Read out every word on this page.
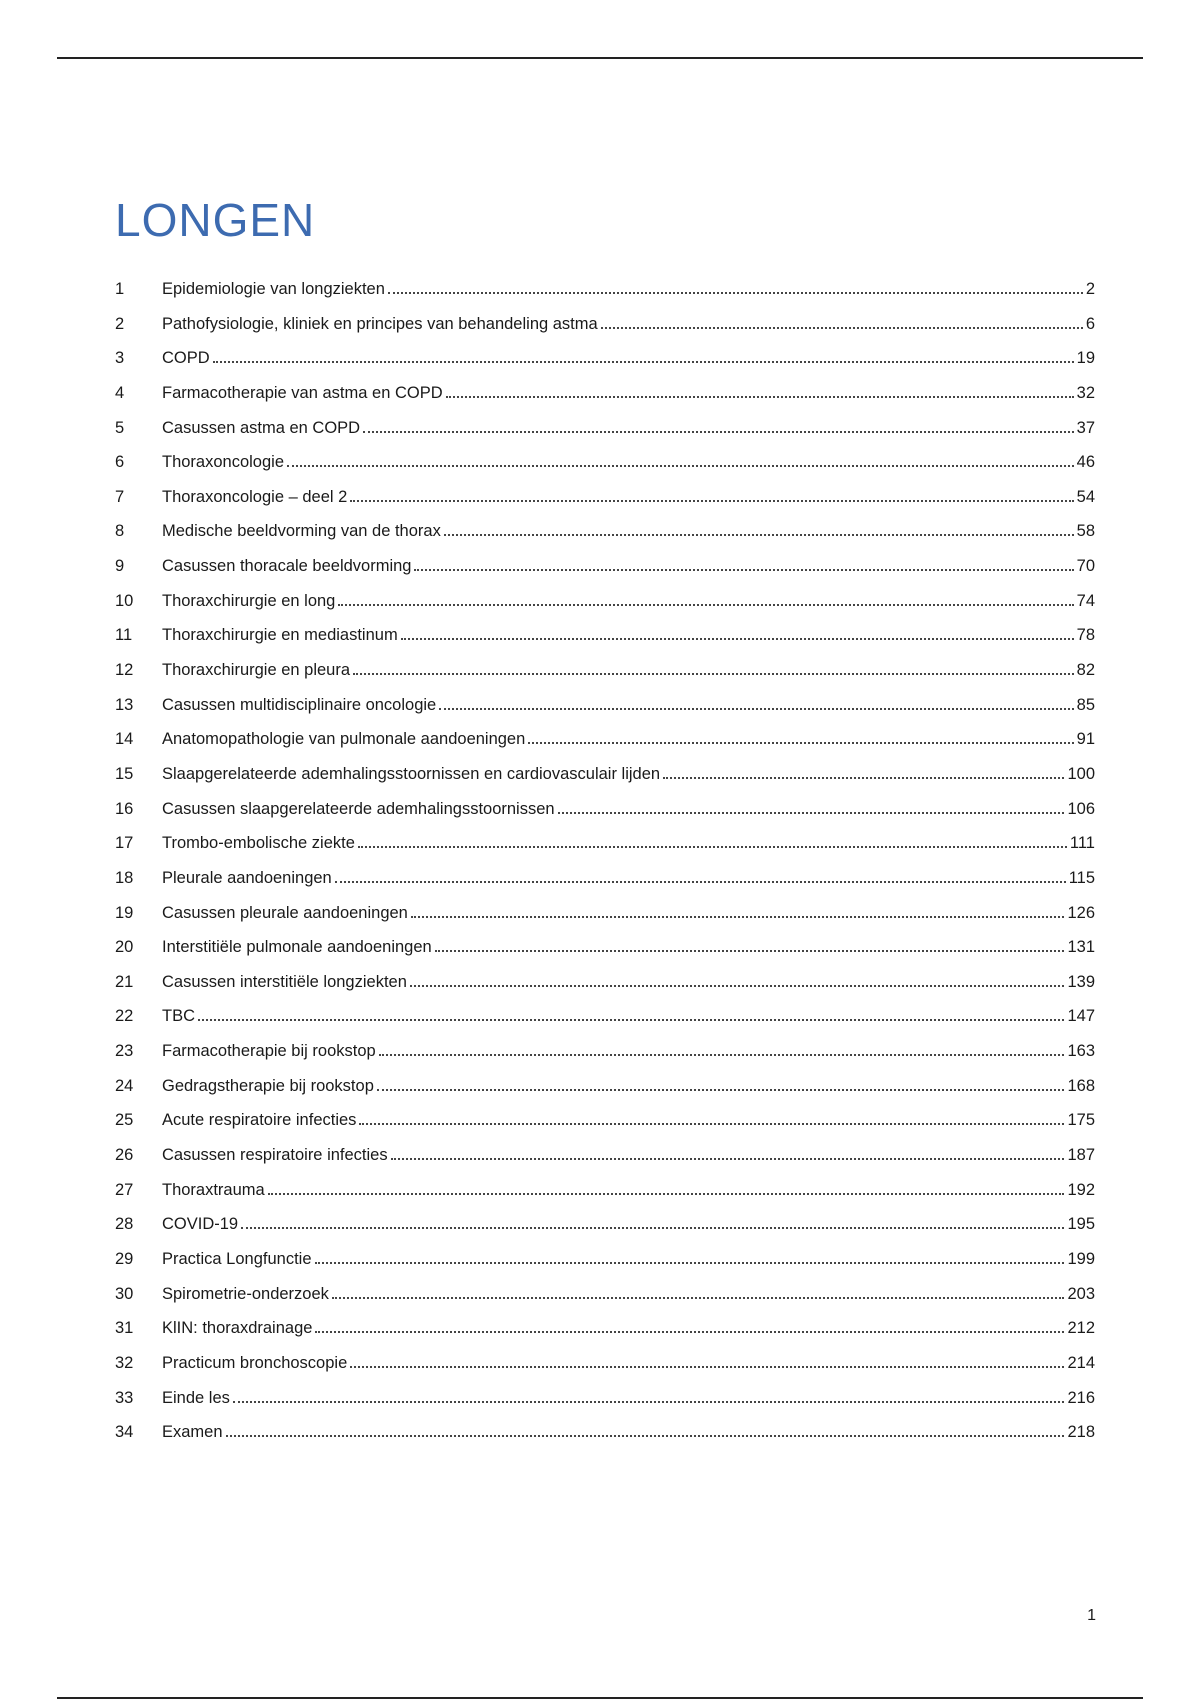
LONGEN
1	Epidemiologie van longziekten	2
2	Pathofysiologie, kliniek en principes van behandeling astma	6
3	COPD	19
4	Farmacotherapie van astma en COPD	32
5	Casussen astma en COPD	37
6	Thoraxoncologie	46
7	Thoraxoncologie – deel 2	54
8	Medische beeldvorming van de thorax	58
9	Casussen thoracale beeldvorming	70
10	Thoraxchirurgie en long	74
11	Thoraxchirurgie en mediastinum	78
12	Thoraxchirurgie en pleura	82
13	Casussen multidisciplinaire oncologie	85
14	Anatomopathologie van pulmonale aandoeningen	91
15	Slaapgerelateerde ademhalingsstoornissen en cardiovasculair lijden	100
16	Casussen slaapgerelateerde ademhalingsstoornissen	106
17	Trombo-embolische ziekte	111
18	Pleurale aandoeningen	115
19	Casussen pleurale aandoeningen	126
20	Interstitiële pulmonale aandoeningen	131
21	Casussen interstitiële longziekten	139
22	TBC	147
23	Farmacotherapie bij rookstop	163
24	Gedragstherapie bij rookstop	168
25	Acute respiratoire infecties	175
26	Casussen respiratoire infecties	187
27	Thoraxtrauma	192
28	COVID-19	195
29	Practica Longfunctie	199
30	Spirometrie-onderzoek	203
31	KlIN: thoraxdrainage	212
32	Practicum bronchoscopie	214
33	Einde les	216
34	Examen	218
1
